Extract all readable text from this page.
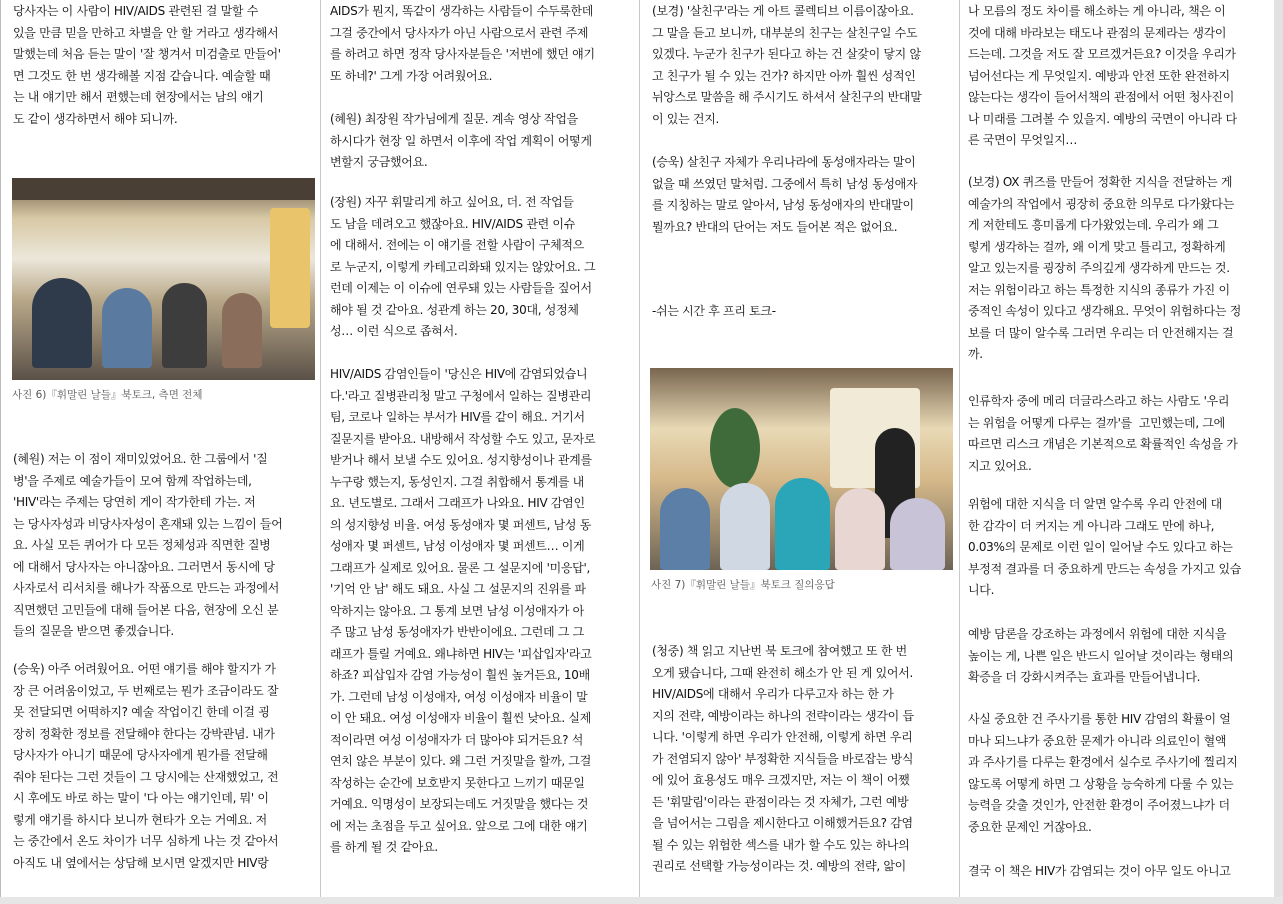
당사자는 이 사람이 HIV/AIDS 관련된 걸 말할 수
있을 만큼 믿을 만하고 차별을 안 할 거라고 생각해서
말했는데 처음 듣는 말이 '잘 챙겨서 미검출로 만들어'
면 그것도 한 번 생각해볼 지점 같습니다. 예술할 때
는 내 얘기만 해서 편했는데 현장에서는 남의 얘기
도 같이 생각하면서 해야 되니까.

사진 6)『휘말린 날들』북토크, 측면 전체

(혜원) 저는 이 점이 재미있었어요. 한 그룹에서 '질
병'을 주제로 예술가들이 모여 함께 작업하는데,
'HIV'라는 주제는 당연히 게이 작가한테 가는. 저
는 당사자성과 비당사자성이 혼재돼 있는 느낌이 들어
요. 사실 모든 퀴어가 다 모든 정체성과 직면한 질병
에 대해서 당사자는 아니잖아요. 그러면서 동시에 당
사자로서 리서치를 해나가 작품으로 만드는 과정에서
직면했던 고민들에 대해 들어본 다음, 현장에 오신 분
들의 질문을 받으면 좋겠습니다.

(승욱) 아주 어려웠어요. 어떤 얘기를 해야 할지가 가
장 큰 어려움이었고, 두 번째로는 뭔가 조금이라도 잘
못 전달되면 어떡하지? 예술 작업이긴 한데 이걸 굉
장히 정확한 정보를 전달해야 한다는 강박관념. 내가
당사자가 아니기 때문에 당사자에게 뭔가를 전달해
줘야 된다는 그런 것들이 그 당시에는 산재했었고, 전
시 후에도 바로 하는 말이 '다 아는 얘기인데, 뭐' 이
렇게 얘기를 하시다 보니까 현타가 오는 거예요. 저
는 중간에서 온도 차이가 너무 심하게 나는 것 같아서
아직도 내 옆에서는 상담해 보시면 알겠지만 HIV랑

AIDS가 뭔지, 똑같이 생각하는 사람들이 수두룩한데
그걸 중간에서 당사자가 아닌 사람으로서 관련 주제
를 하려고 하면 정작 당사자분들은 '저번에 했던 얘기
또 하네?' 그게 가장 어려웠어요.

(혜원) 최장원 작가님에게 질문. 계속 영상 작업을
하시다가 현장 일 하면서 이후에 작업 계획이 어떻게
변할지 궁금했어요.

(장원) 자꾸 휘말리게 하고 싶어요, 더. 전 작업들
도 남을 데려오고 했잖아요. HIV/AIDS 관련 이슈
에 대해서. 전에는 이 얘기를 전할 사람이 구체적으
로 누군지, 이렇게 카테고리화돼 있지는 않았어요. 그
런데 이제는 이 이슈에 연루돼 있는 사람들을 짚어서
해야 될 것 같아요. 성관계 하는 20, 30대, 성정체
성… 이런 식으로 좁혀서.

HIV/AIDS 감염인들이 '당신은 HIV에 감염되었습니
다.'라고 질병관리청 말고 구청에서 일하는 질병관리
팀, 코로나 일하는 부서가 HIV를 같이 해요. 거기서
질문지를 받아요. 내방해서 작성할 수도 있고, 문자로
받거나 해서 보낼 수도 있어요. 성지향성이나 관계를
누구랑 했는지, 동성인지. 그걸 취합해서 통계를 내
요. 년도별로. 그래서 그래프가 나와요. HIV 감염인
의 성지향성 비율. 여성 동성애자 몇 퍼센트, 남성 동
성애자 몇 퍼센트, 남성 이성애자 몇 퍼센트… 이게
그래프가 실제로 있어요. 물론 그 설문지에 '미응답',
'기억 안 남' 해도 돼요. 사실 그 설문지의 진위를 파
악하지는 않아요. 그 통계 보면 남성 이성애자가 아
주 많고 남성 동성애자가 반반이에요. 그런데 그 그
래프가 틀릴 거예요. 왜냐하면 HIV는 '피삽입자'라고
하죠? 피삽입자 감염 가능성이 훨씬 높거든요, 10배
가. 그런데 남성 이성애자, 여성 이성애자 비율이 말
이 안 돼요. 여성 이성애자 비율이 훨씬 낮아요. 실제
적이라면 여성 이성애자가 더 많아야 되거든요? 석
연치 않은 부분이 있다. 왜 그런 거짓말을 할까, 그걸
작성하는 순간에 보호받지 못한다고 느끼기 때문일
거예요. 익명성이 보장되는데도 거짓말을 했다는 것
에 저는 초점을 두고 싶어요. 앞으로 그에 대한 얘기
를 하게 될 것 같아요.

(보경) '살친구'라는 게 아트 콜렉티브 이름이잖아요.
그 말을 듣고 보니까, 대부분의 친구는 살친구일 수도
있겠다. 누군가 친구가 된다고 하는 건 살갗이 닿지 않
고 친구가 될 수 있는 건가? 하지만 아까 훨씬 성적인
뉘앙스로 말씀을 해 주시기도 하셔서 살친구의 반대말
이 있는 건지.

(승욱) 살친구 자체가 우리나라에 동성애자라는 말이
없을 때 쓰였던 말처럼. 그중에서 특히 남성 동성애자
를 지칭하는 말로 알아서, 남성 동성애자의 반대말이
뭘까요? 반대의 단어는 저도 들어본 적은 없어요.

-쉬는 시간 후 프리 토크-

사진 7)『휘말린 날들』북토크 질의응답

(청중) 책 읽고 지난번 북 토크에 참여했고 또 한 번
오게 됐습니다, 그때 완전히 해소가 안 된 게 있어서.
HIV/AIDS에 대해서 우리가 다루고자 하는 한 가
지의 전략, 예방이라는 하나의 전략이라는 생각이 듭
니다. '이렇게 하면 우리가 안전해, 이렇게 하면 우리
가 전염되지 않아' 부정확한 지식들을 바로잡는 방식
에 있어 효용성도 매우 크겠지만, 저는 이 책이 어쨌
든 '휘말림'이라는 관점이라는 것 자체가, 그런 예방
을 넘어서는 그림을 제시한다고 이해했거든요? 감염
될 수 있는 위험한 섹스를 내가 할 수도 있는 하나의
권리로 선택할 가능성이라는 것. 예방의 전략, 앎이

나 모름의 정도 차이를 해소하는 게 아니라, 책은 이
것에 대해 바라보는 태도나 관점의 문제라는 생각이
드는데. 그것을 저도 잘 모르겠거든요? 이것을 우리가
넘어선다는 게 무엇일지. 예방과 안전 또한 완전하지
않는다는 생각이 들어서책의 관점에서 어떤 청사진이
나 미래를 그려볼 수 있을지. 예방의 국면이 아니라 다
른 국면이 무엇일지…

(보경) OX 퀴즈를 만들어 정확한 지식을 전달하는 게
예술가의 작업에서 굉장히 중요한 의무로 다가왔다는
게 저한테도 흥미롭게 다가왔었는데. 우리가 왜 그
렇게 생각하는 걸까, 왜 이게 맞고 틀리고, 정확하게
알고 있는지를 굉장히 주의깊게 생각하게 만드는 것.
저는 위험이라고 하는 특정한 지식의 종류가 가진 이
중적인 속성이 있다고 생각해요. 무엇이 위험하다는 정
보를 더 많이 알수록 그러면 우리는 더 안전해지는 걸
까.

인류학자 중에 메리 더글라스라고 하는 사람도 '우리
는 위험을 어떻게 다루는 걸까'를  고민했는데, 그에
따르면 리스크 개념은 기본적으로 확률적인 속성을 가
지고 있어요.

위험에 대한 지식을 더 알면 알수록 우리 안전에 대
한 감각이 더 커지는 게 아니라 그래도 만에 하나,
0.03%의 문제로 이런 일이 일어날 수도 있다고 하는
부정적 결과를 더 중요하게 만드는 속성을 가지고 있습
니다.

예방 담론을 강조하는 과정에서 위험에 대한 지식을
높이는 게, 나쁜 일은 반드시 일어날 것이라는 형태의
확증을 더 강화시켜주는 효과를 만들어냅니다.

사실 중요한 건 주사기를 통한 HIV 감염의 확률이 얼
마나 되느냐가 중요한 문제가 아니라 의료인이 혈액
과 주사기를 다루는 환경에서 실수로 주사기에 찔리지
않도록 어떻게 하면 그 상황을 능숙하게 다룰 수 있는
능력을 갖출 것인가, 안전한 환경이 주어졌느냐가 더
중요한 문제인 거잖아요.

결국 이 책은 HIV가 감염되는 것이 아무 일도 아니고
